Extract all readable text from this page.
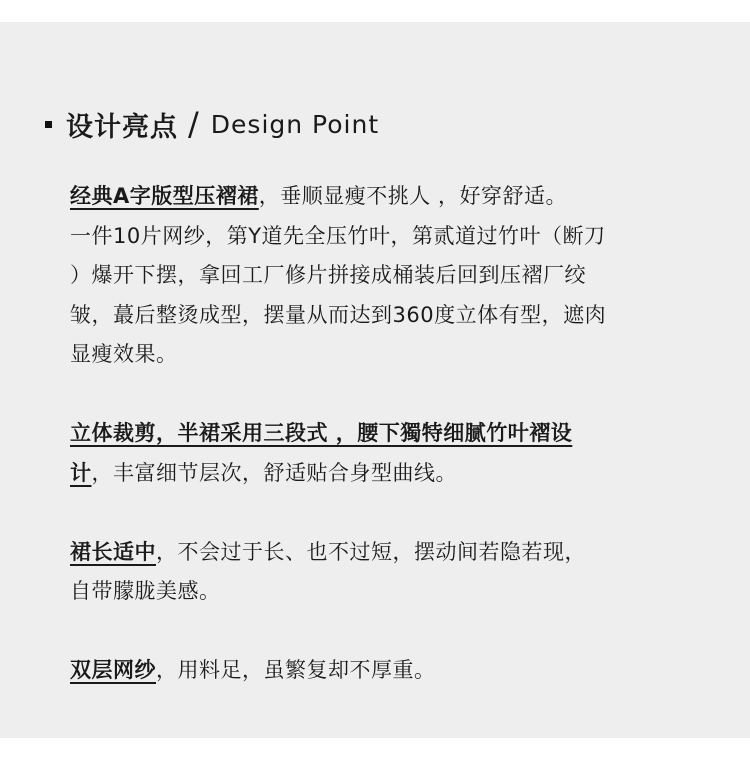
设计亮点 / Design Point
经典A字版型压褶裙，垂顺显瘦不挑人 ，好穿舒适。
一件10片网纱，第Y道先全压竹叶，第贰道过竹叶（断刀
）爆开下摆，拿回工厂修片拼接成桶装后回到压褶厂绞
皱，蕞后整烫成型，摆量从而达到360度立体有型，遮肉
显瘦效果。
立体裁剪，半裙采用三段式 ，腰下獨特细腻竹叶褶设
计，丰富细节层次，舒适贴合身型曲线。
裙长适中，不会过于长、也不过短，摆动间若隐若现，
自带朦胧美感。
双层网纱，用料足，虽繁复却不厚重。
